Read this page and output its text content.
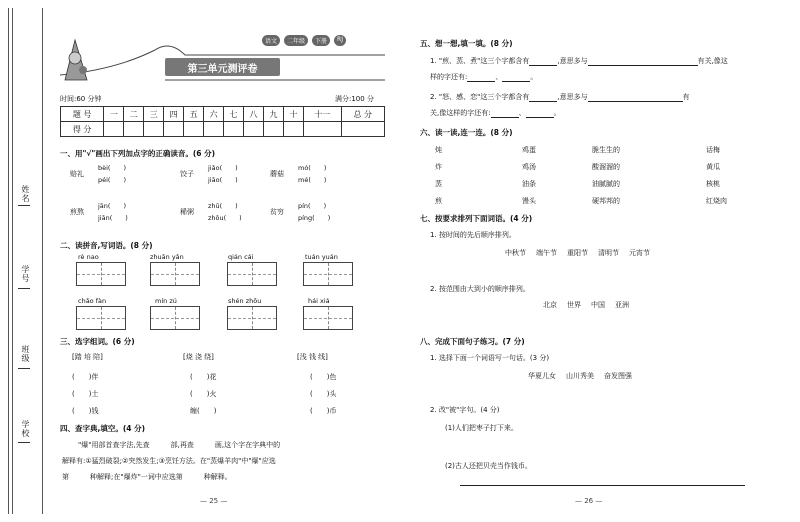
姓名
学号
班级
学校
语文	二年级	下册	RJ
第三单元测评卷
时间:60 分钟	满分:100 分
题 号	一	二	三	四	五	六	七	八	九	十	十一	总 分
得 分												
一、用"√"画出下列加点字的正确读音。(6 分)
赔礼
bèi(　　)
péi(　　)
饺子
jiǎo(　　)
jiāo(　　)
蘑菇
mó(　　)
mé(　　)
煎熬
jān(　　)
jiān(　　)
稀粥
zhū(　　)
zhōu(　　)
贫穷
pín(　　)
píng(　　)
二、读拼音,写词语。(8 分)
rè nao	zhuān yǎn	qián cái	tuán yuán
chǎo fàn	mín zú	shén zhōu	hái xiá
三、选字组词。(6 分)
[踏 培 陪]	[烧 浇 绕]	[浅 钱 线]
(　　)伴	(　　)花	(　　)色
(　　)土	(　　)火	(　　)头
(　　)钱	缠(　　)	(　　)币
四、查字典,填空。(4 分)
"爆"用部首查字法,先查　　　部,再查　　　画,这个字在字典中的
解释有:①猛烈破裂;②突然发生;③烹饪方法。在"蒸爆羊肉"中"爆"应选
第　　　种解释;在"爆炸"一词中应选第　　　种解释。
— 25 —
五、想一想,填一填。(8 分)
1. "煎、蒸、煮"这三个字都含有	,意思多与	有关,像这
样的字还有:	、	。
2. "怒、感、恋"这三个字都含有	,意思多与	有
关,像这样的字还有:	、	。
六、读一读,连一连。(8 分)
炖
炸
蒸
煎
鸡蛋
鸡汤
油条
馒头
脆生生的
酸溜溜的
油腻腻的
硬邦邦的
话梅
黄瓜
核桃
红烧肉
七、按要求排列下面词语。(4 分)
1. 按时间的先后顺序排列。
中秋节 端午节 重阳节 清明节 元宵节
2. 按范围由大到小的顺序排列。
北京 世界 中国 亚洲
八、完成下面句子练习。(7 分)
1. 选择下面一个词语写一句话。(3 分)
华夏儿女 山川秀美 奋发图强
2. 改"被"字句。(4 分)
(1)人们把枣子打下来。
(2)古人还把贝壳当作钱币。
— 26 —
